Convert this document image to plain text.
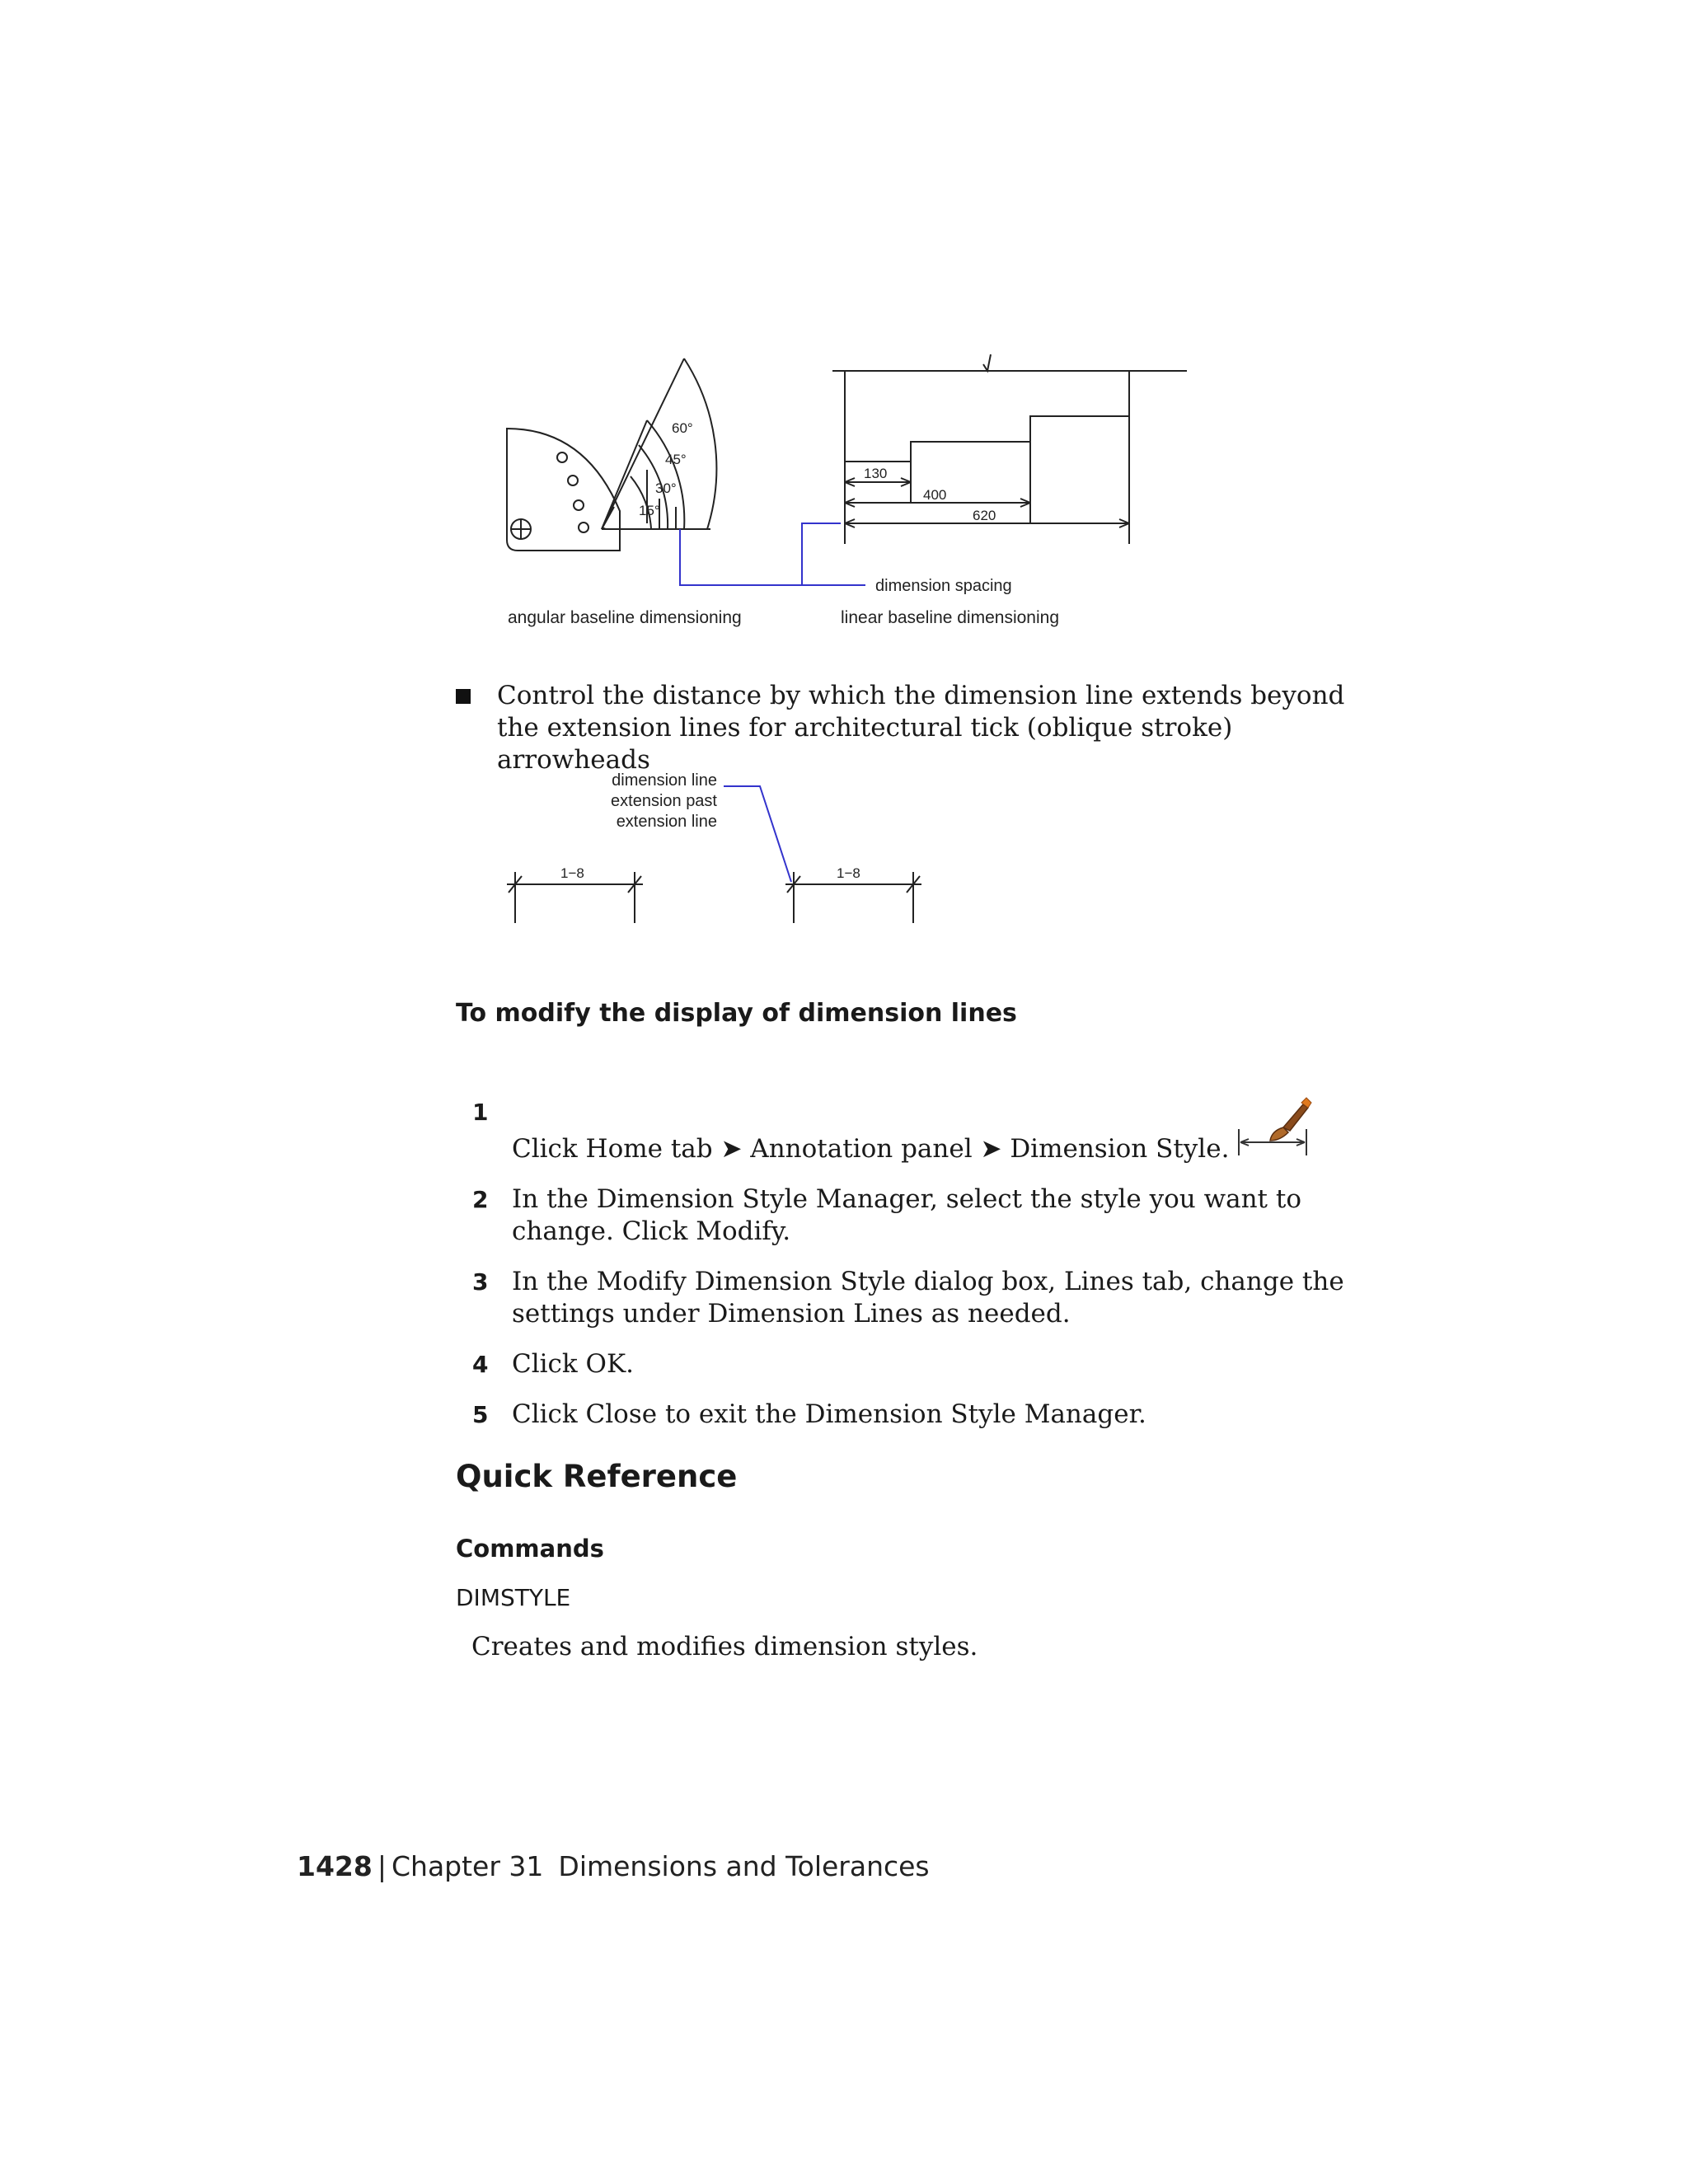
60°
45°
30°
15°
130
400
620
dimension spacing
angular baseline dimensioning	linear baseline dimensioning
Control the distance by which the dimension line extends beyond the extension lines for architectural tick (oblique stroke) arrowheads
dimension line
extension past
extension line
1−8	1−8
To modify the display of dimension lines
1
Click Home tab ➤ Annotation panel ➤ Dimension Style.
2 In the Dimension Style Manager, select the style you want to change. Click Modify.
3 In the Modify Dimension Style dialog box, Lines tab, change the settings under Dimension Lines as needed.
4 Click OK.
5 Click Close to exit the Dimension Style Manager.
Quick Reference
Commands
DIMSTYLE
Creates and modifies dimension styles.
1428 | Chapter 31 Dimensions and Tolerances
